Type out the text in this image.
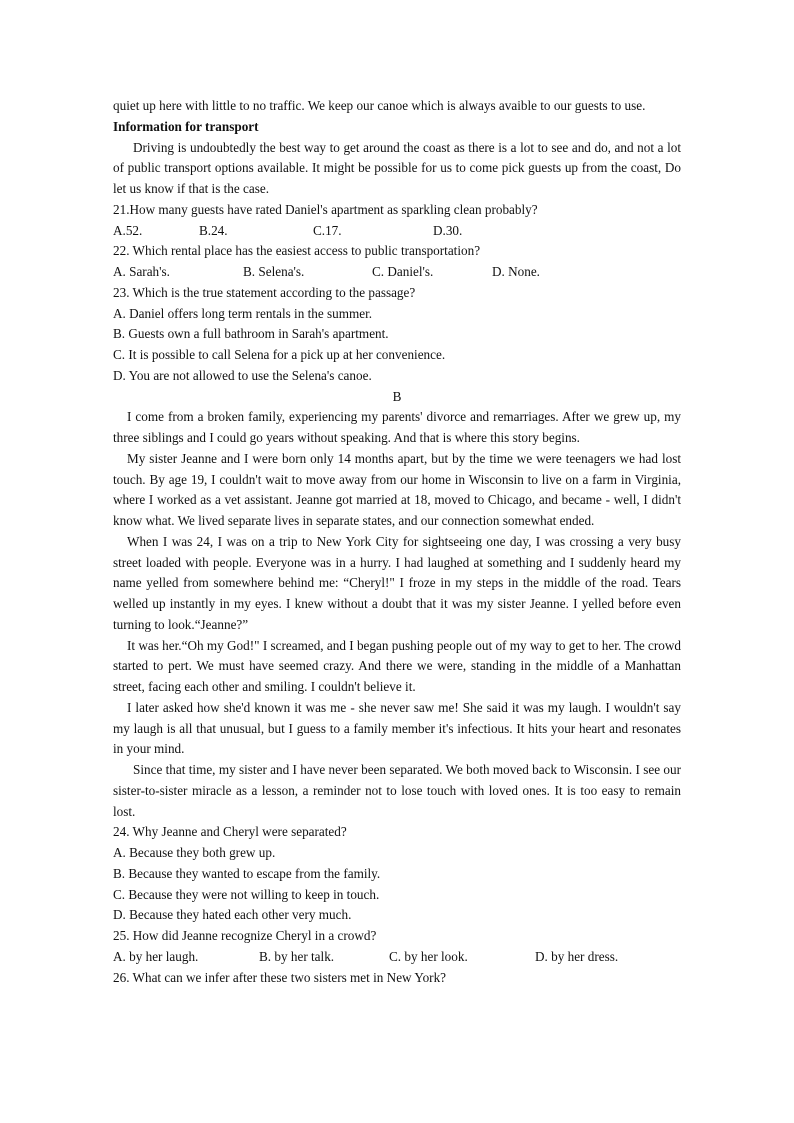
quiet up here with little to no traffic. We keep our canoe which is always avaible to our guests to use.

Information for transport

Driving is undoubtedly the best way to get around the coast as there is a lot to see and do, and not a lot of public transport options available. It might be possible for us to come pick guests up from the coast, Do let us know if that is the case.

21.How many guests have rated Daniel's apartment as sparkling clean probably?

A.52.	B.24.	C.17.	D.30.

22. Which rental place has the easiest access to public transportation?

A. Sarah's.	B. Selena's.	C. Daniel's.	D. None.

23. Which is the true statement according to the passage?

A. Daniel offers long term rentals in the summer.

B. Guests own a full bathroom in Sarah's apartment.

C. It is possible to call Selena for a pick up at her convenience.

D. You are not allowed to use the Selena's canoe.

B

I come from a broken family, experiencing my parents' divorce and remarriages. After we grew up, my three siblings and I could go years without speaking. And that is where this story begins.

My sister Jeanne and I were born only 14 months apart, but by the time we were teenagers we had lost touch. By age 19, I couldn't wait to move away from our home in Wisconsin to live on a farm in Virginia, where I worked as a vet assistant. Jeanne got married at 18, moved to Chicago, and became - well, I didn't know what. We lived separate lives in separate states, and our connection somewhat ended.

When I was 24, I was on a trip to New York City for sightseeing one day, I was crossing a very busy street loaded with people. Everyone was in a hurry. I had laughed at something and I suddenly heard my name yelled from somewhere behind me: “Cheryl!" I froze in my steps in the middle of the road. Tears welled up instantly in my eyes. I knew without a doubt that it was my sister Jeanne. I yelled before even turning to look.“Jeanne?”

It was her.“Oh my God!" I screamed, and I began pushing people out of my way to get to her. The crowd started to pert. We must have seemed crazy. And there we were, standing in the middle of a Manhattan street, facing each other and smiling. I couldn't believe it.

I later asked how she'd known it was me - she never saw me! She said it was my laugh. I wouldn't say my laugh is all that unusual, but I guess to a family member it's infectious. It hits your heart and resonates in your mind.

Since that time, my sister and I have never been separated. We both moved back to Wisconsin. I see our sister-to-sister miracle as a lesson, a reminder not to lose touch with loved ones. It is too easy to remain lost.

24. Why Jeanne and Cheryl were separated?

A. Because they both grew up.

B. Because they wanted to escape from the family.

C. Because they were not willing to keep in touch.

D. Because they hated each other very much.

25. How did Jeanne recognize Cheryl in a crowd?

A. by her laugh.	B. by her talk.	C. by her look.	D. by her dress.

26. What can we infer after these two sisters met in New York?
